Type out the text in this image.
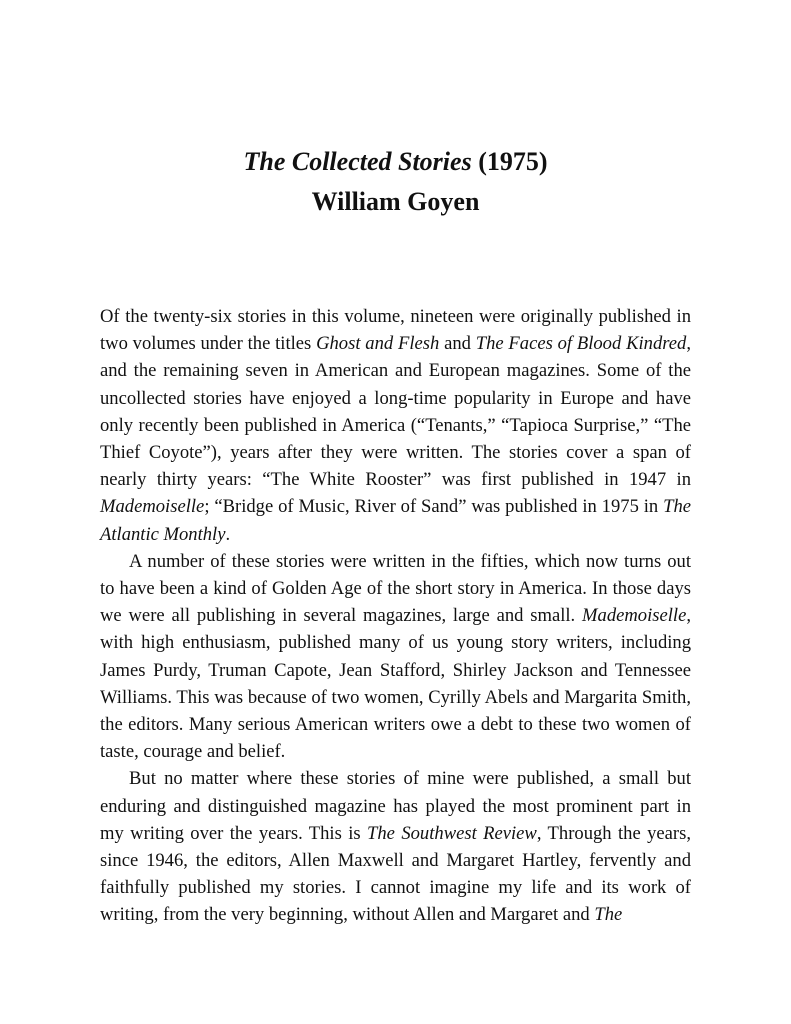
The Collected Stories (1975)
William Goyen

Of the twenty-six stories in this volume, nineteen were originally published in two volumes under the titles Ghost and Flesh and The Faces of Blood Kindred, and the remaining seven in American and European magazines. Some of the uncollected stories have enjoyed a long-time popularity in Europe and have only recently been published in America (“Tenants,” “Tapioca Surprise,” “The Thief Coyote”), years after they were written. The stories cover a span of nearly thirty years: “The White Rooster” was first published in 1947 in Mademoiselle; “Bridge of Music, River of Sand” was published in 1975 in The Atlantic Monthly.

A number of these stories were written in the fifties, which now turns out to have been a kind of Golden Age of the short story in America. In those days we were all publishing in several magazines, large and small. Mademoiselle, with high enthusiasm, published many of us young story writers, including James Purdy, Truman Capote, Jean Stafford, Shirley Jackson and Tennessee Williams. This was because of two women, Cyrilly Abels and Margarita Smith, the editors. Many serious American writers owe a debt to these two women of taste, courage and belief.

But no matter where these stories of mine were published, a small but enduring and distinguished magazine has played the most prominent part in my writing over the years. This is The Southwest Review, Through the years, since 1946, the editors, Allen Maxwell and Margaret Hartley, fervently and faithfully published my stories. I cannot imagine my life and its work of writing, from the very beginning, without Allen and Margaret and The
